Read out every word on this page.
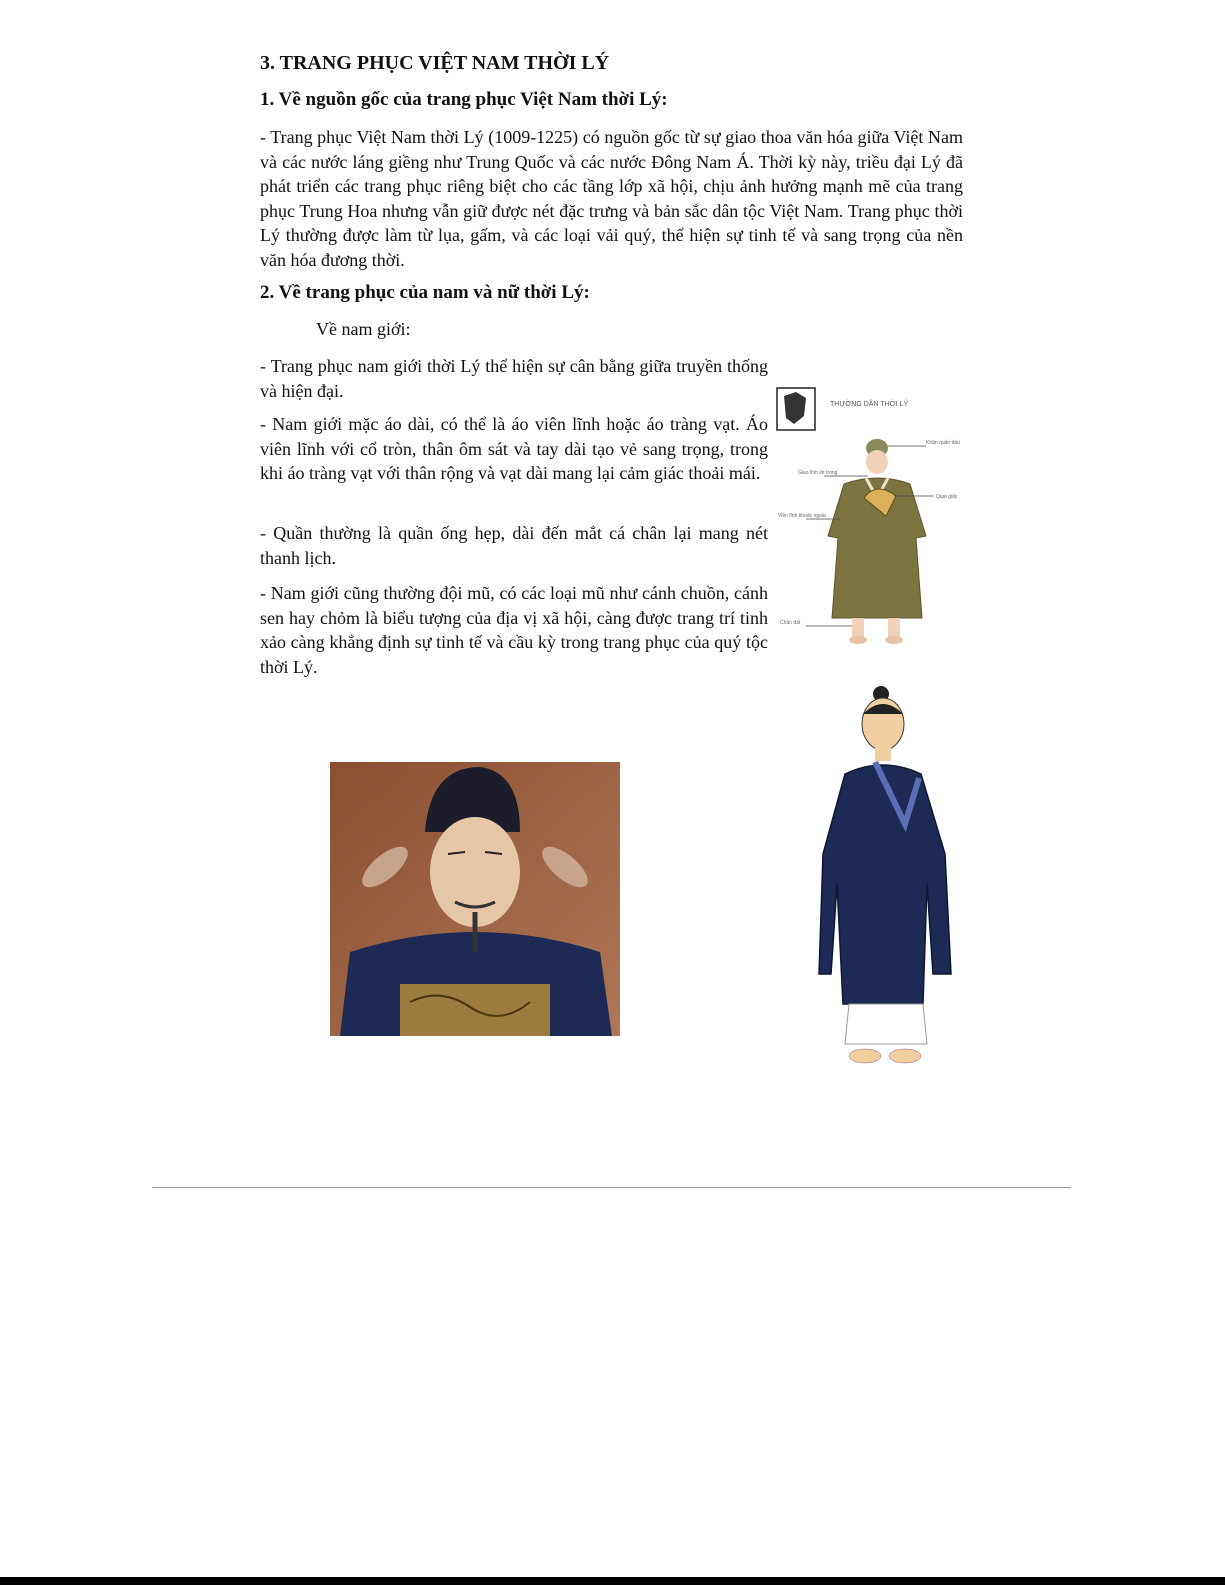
3. TRANG PHỤC VIỆT NAM THỜI LÝ
1. Về nguồn gốc của trang phục Việt Nam thời Lý:

- Trang phục Việt Nam thời Lý (1009-1225) có nguồn gốc từ sự giao thoa văn hóa giữa Việt Nam và các nước láng giềng như Trung Quốc và các nước Đông Nam Á. Thời kỳ này, triều đại Lý đã phát triển các trang phục riêng biệt cho các tầng lớp xã hội, chịu ảnh hưởng mạnh mẽ của trang phục Trung Hoa nhưng vẫn giữ được nét đặc trưng và bản sắc dân tộc Việt Nam. Trang phục thời Lý thường được làm từ lụa, gấm, và các loại vải quý, thể hiện sự tinh tế và sang trọng của nền văn hóa đương thời.

2. Về trang phục của nam và nữ thời Lý:
Về nam giới:

- Trang phục nam giới thời Lý thể hiện sự cân bằng giữa truyền thống và hiện đại.

- Nam giới mặc áo dài, có thể là áo viên lĩnh hoặc áo tràng vạt. Áo viên lĩnh với cổ tròn, thân ôm sát và tay dài tạo vẻ sang trọng, trong khi áo tràng vạt với thân rộng và vạt dài mang lại cảm giác thoải mái.

- Quần thường là quần ống hẹp, dài đến mắt cá chân lại mang nét thanh lịch.

- Nam giới cũng thường đội mũ, có các loại mũ như cánh chuồn, cánh sen hay chỏm là biểu tượng của địa vị xã hội, càng được trang trí tinh xảo càng khẳng định sự tinh tế và cầu kỳ trong trang phục của quý tộc thời Lý.

THƯỜNG DÂN THỜI LÝ
Khăn quấn đầu
Giao lĩnh lót trong
Quạt giấy
Viên lĩnh khoác ngoài
Chân đất
